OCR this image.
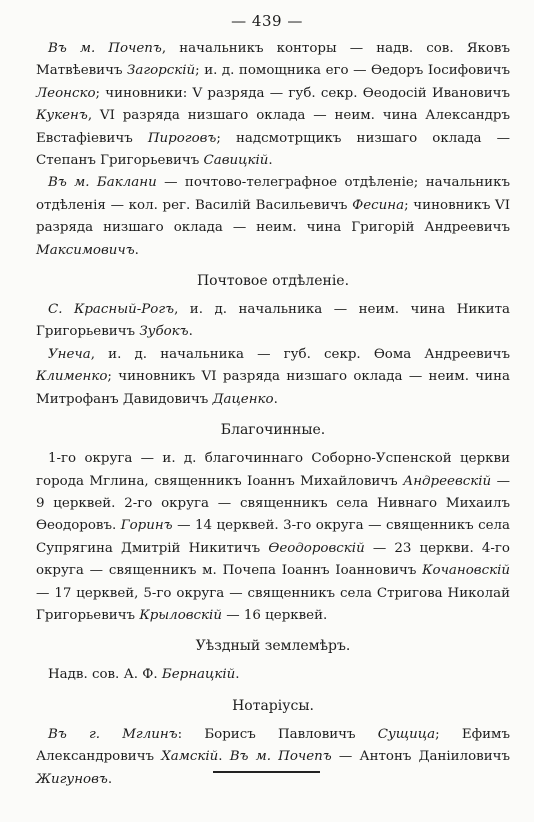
— 439 —

Въ м. Почепъ, начальникъ конторы — надв. сов. Яковъ Матвѣевичъ Загорскій; и. д. помощника его — Өедоръ Іосифовичъ Леонско; чиновники: V разряда — губ. секр. Өеодосій Ивановичъ Кукенъ, VI разряда низшаго оклада — неим. чина Александръ Евстафіевичъ Пироговъ; надсмотрщикъ низшаго оклада — Степанъ Григорьевичъ Савицкій.

Въ м. Баклани — почтово-телеграфное отдѣленіе; начальникъ отдѣленія — кол. рег. Василій Васильевичъ Фесина; чиновникъ VI разряда низшаго оклада — неим. чина Григорій Андреевичъ Максимовичъ.

Почтовое отдѣленіе.

С. Красный-Рогъ, и. д. начальника — неим. чина Никита Григорьевичъ Зубокъ.

Унеча, и. д. начальника — губ. секр. Өома Андреевичъ Клименко; чиновникъ VI разряда низшаго оклада — неим. чина Митрофанъ Давидовичъ Даценко.

Благочинные.

1-го округа — и. д. благочиннаго Соборно-Успенской церкви города Мглина, священникъ Іоаннъ Михайловичъ Андреевскій — 9 церквей. 2-го округа — священникъ села Нивнаго Михаилъ Өеодоровъ. Горинъ — 14 церквей. 3-го округа — священникъ села Супрягина Дмитрій Никитичъ Өеодоровскій — 23 церкви. 4-го округа — священникъ м. Почепа Іоаннъ Іоанновичъ Кочановскій — 17 церквей, 5-го округа — священникъ села Стригова Николай Григорьевичъ Крыловскій — 16 церквей.

Уѣздный землемѣръ.

Надв. сов. А. Ф. Бернацкій.

Нотаріусы.

Въ г. Мглинъ: Борисъ Павловичъ Сущица; Ефимъ Александровичъ Хамскій. Въ м. Почепъ — Антонъ Даніиловичъ Жигуновъ.
